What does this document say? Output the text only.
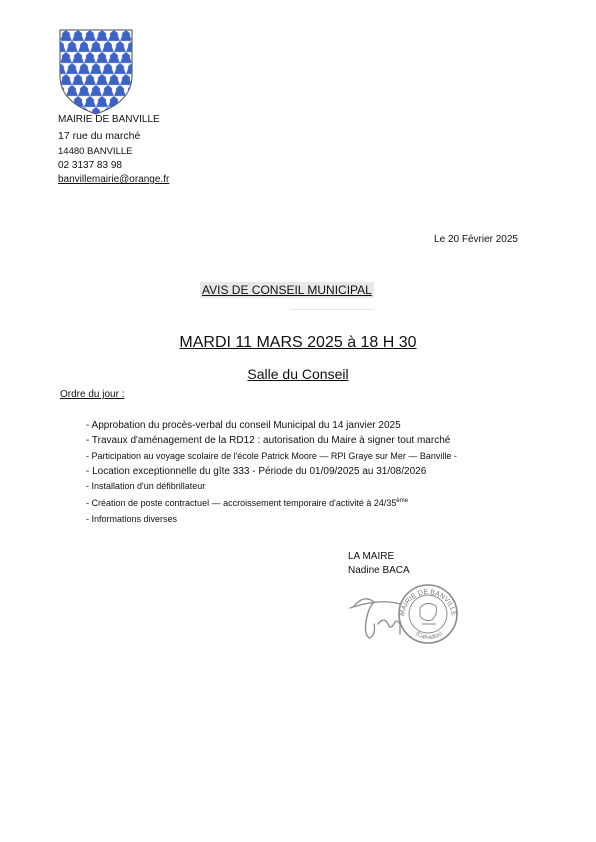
MAIRIE DE BANVILLE
17 rue du marché
14480 BANVILLE
02 3137 83 98
banvillemairie@orange.fr
Le 20 Février 2025
AVIS DE CONSEIL MUNICIPAL
MARDI 11 MARS 2025 à 18 H 30
Salle du Conseil
Ordre du jour :
- Approbation du procès-verbal du conseil Municipal du 14 janvier 2025
- Travaux d'aménagement de la RD12 : autorisation du Maire à signer tout marché
- Participation au voyage scolaire de l'école Patrick Moore — RPI Graye sur Mer — Banville -
- Location exceptionnelle du gîte 333 - Période du 01/09/2025 au 31/08/2026
- Installation d'un défibrillateur
- Création de poste contractuel — accroissement temporaire d'activité à 24/35ème
- Informations diverses
LA MAIRE
Nadine BACA
MAIRIE DE BANVILLE
(Calvados)
